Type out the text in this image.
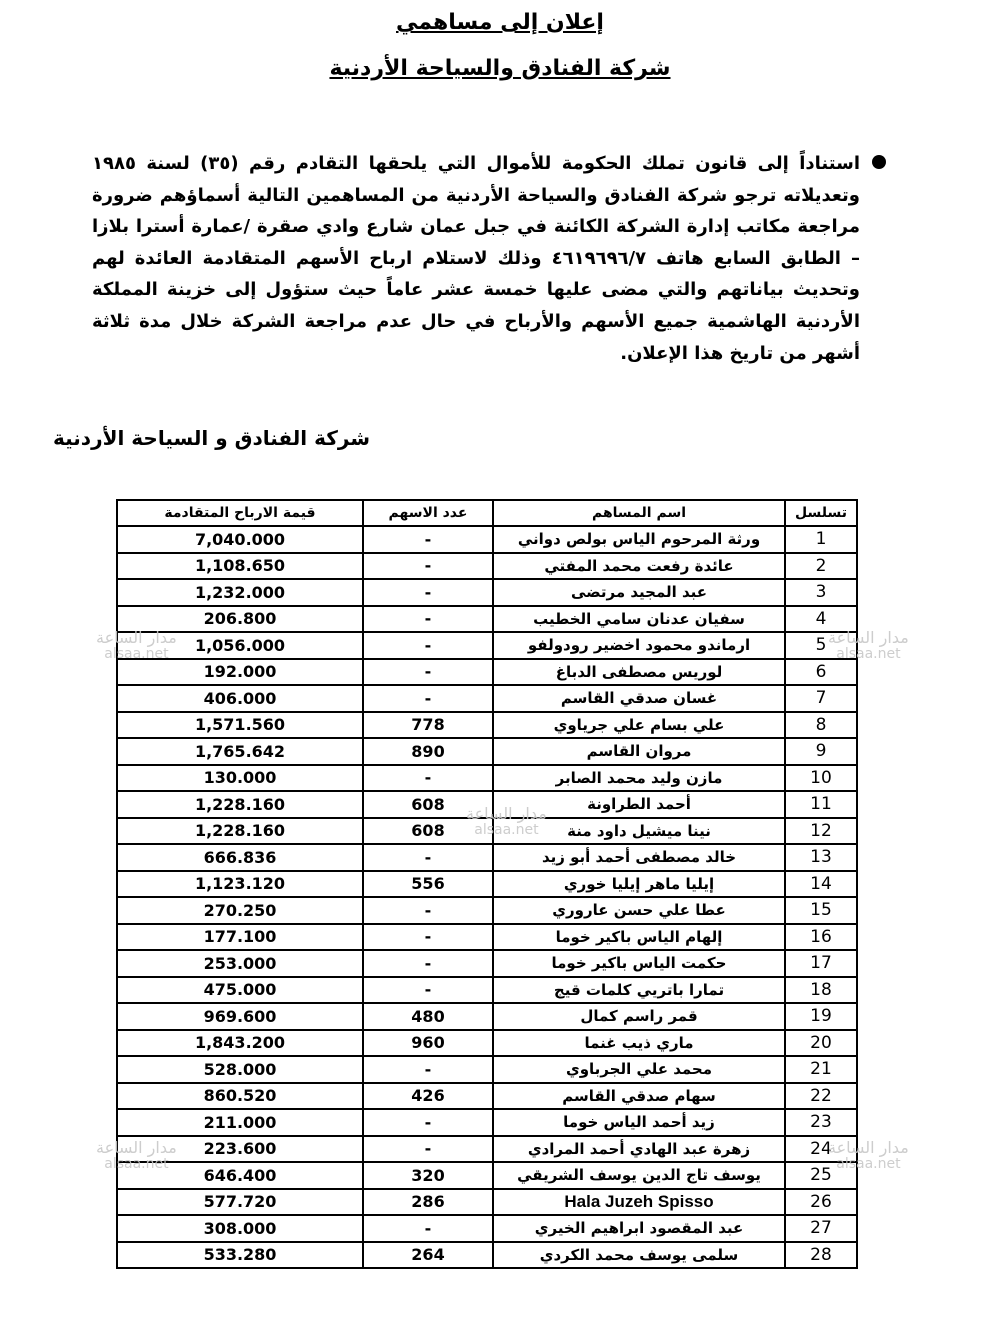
إعلان إلى مساهمي
شركة الفنادق والسياحة الأردنية
استناداً إلى قانون تملك الحكومة للأموال التي يلحقها التقادم رقم (٣٥) لسنة ١٩٨٥ وتعديلاته ترجو شركة الفنادق والسياحة الأردنية من المساهمين التالية أسماؤهم ضرورة مراجعة مكاتب إدارة الشركة الكائنة في جبل عمان شارع وادي صقرة /عمارة أسترا بلازا – الطابق السابع هاتف ٤٦١٩٦٩٦/٧ وذلك لاستلام ارباح الأسهم المتقادمة العائدة لهم وتحديث بياناتهم والتي مضى عليها خمسة عشر عاماً حيث ستؤول إلى خزينة المملكة الأردنية الهاشمية جميع الأسهم والأرباح في حال عدم مراجعة الشركة خلال مدة ثلاثة أشهر من تاريخ هذا الإعلان.
شركة الفنادق و السياحة الأردنية
قيمة الارباح المتقادمة	عدد الاسهم	اسم المساهم	تسلسل
7,040.000	-	ورثة المرحوم الياس بولص دواني	1
1,108.650	-	عائدة رفعت محمد المفتي	2
1,232.000	-	عبد المجيد مرتضى	3
206.800	-	سفيان عدنان سامي الخطيب	4
1,056.000	-	ارماندو محمود اخضير رودولفو	5
192.000	-	لوريس مصطفى الدباغ	6
406.000	-	غسان صدقي القاسم	7
1,571.560	778	علي بسام علي جرياوي	8
1,765.642	890	مروان القاسم	9
130.000	-	مازن وليد محمد الصابر	10
1,228.160	608	أحمد الطراونة	11
1,228.160	608	نينا ميشيل داود منة	12
666.836	-	خالد مصطفى أحمد أبو زيد	13
1,123.120	556	إيليا ماهر إيليا خوري	14
270.250	-	عطا علي حسن عاروري	15
177.100	-	إلهام الياس باكير خوما	16
253.000	-	حكمت الياس باكير خوما	17
475.000	-	تمارا باتريي كلمات قيج	18
969.600	480	قمر راسم كمال	19
1,843.200	960	ماري ذيب غنما	20
528.000	-	محمد علي الجرباوي	21
860.520	426	سهام صدقي القاسم	22
211.000	-	زيد أحمد الياس خوما	23
223.600	-	زهرة عبد الهادي أحمد المرادي	24
646.400	320	يوسف تاج الدين يوسف الشريقي	25
577.720	286	Hala Juzeh Spisso	26
308.000	-	عبد المقصود ابراهيم الخيري	27
533.280	264	سلمى يوسف محمد الكردي	28
مدار الساعة
alsaa.net
مدار الساعة
alsaa.net
مدار الساعة
alsaa.net
مدار الساعة
alsaa.net
مدار الساعة
alsaa.net
